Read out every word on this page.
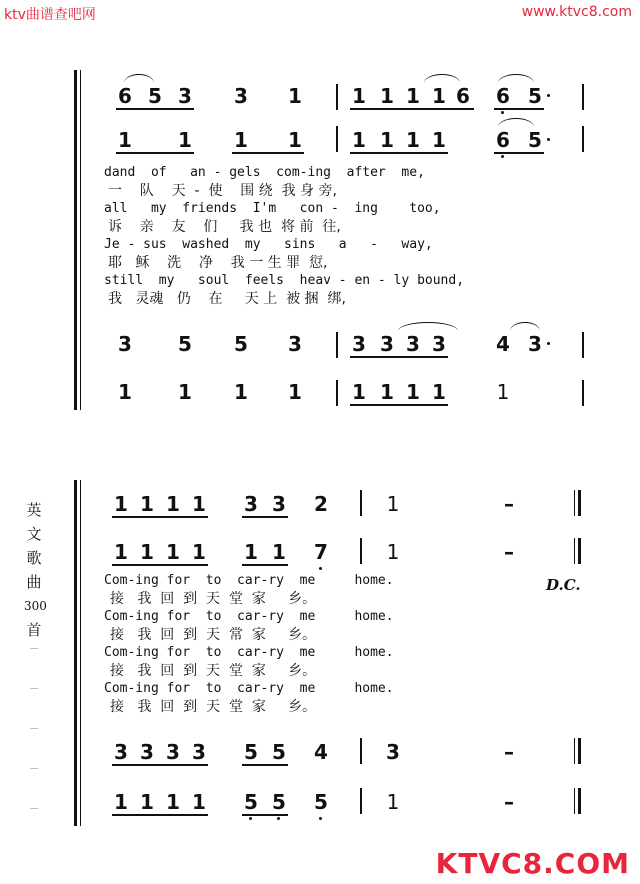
ktv曲谱查吧网	www.ktvc8.com
KTVC8.COM
英
文
歌
曲
300
首
6 5 3 3 1	1 1 1 1 6 6 5
1 1 1 1	1 1 1 1	6 5
dand  of   an - gels  com-ing  after  me,
一    队    天  -  使    围 绕  我 身 旁,
all   my  friends  I'm   con -  ing    too,
诉    亲    友    们     我 也  将 前  往,
Je - sus  washed  my   sins   a   -   way,
耶   稣    洗    净    我 一 生 罪  愆,
still  my   soul  feels  heav - en - ly bound,
我   灵魂   仍    在     天 上  被 捆  绑,
3 5 5 3	3 3 3 3	4 3
1 1 1 1	1 1 1 1	1
1 1 1 1 3 3 2	1	–
1 1 1 1 1 1 7	1	–
Com-ing for  to  car-ry  me     home.
接   我  回  到  天  堂  家     乡。
Com-ing for  to  car-ry  me     home.
接   我  回  到  天  常  家     乡。
Com-ing for  to  car-ry  me     home.
接   我  回  到  天  堂  家     乡。
Com-ing for  to  car-ry  me     home.
接   我  回  到  天  堂  家     乡。
D.C.
3 3 3 3 5 5 4	3	–
1 1 1 1 5 5 5	1	–
